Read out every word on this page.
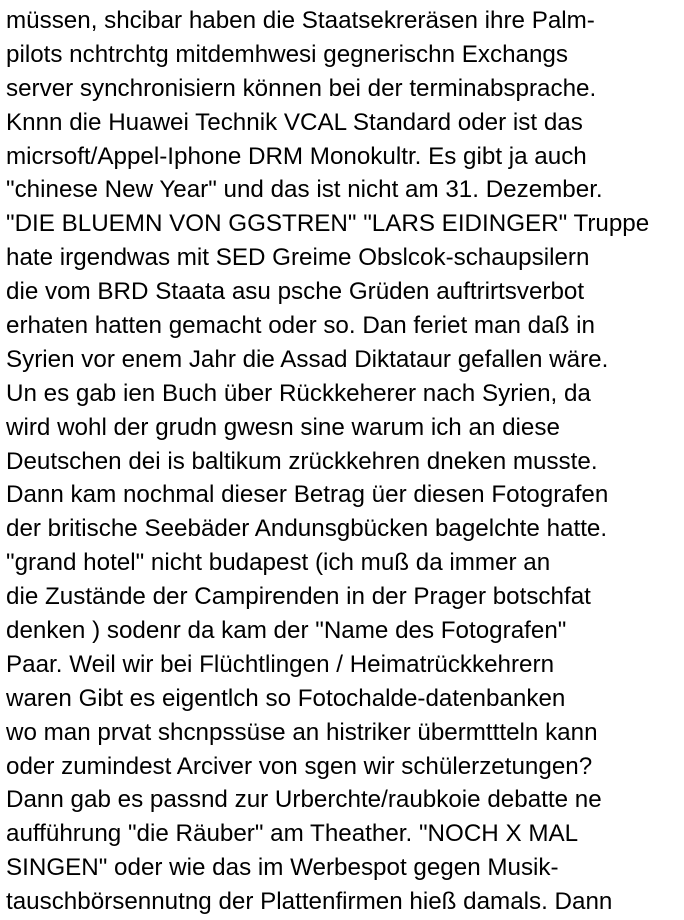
müssen, shcibar haben die Staatsekreräsen ihre Palm-
pilots nchtrchtg mitdemhwesi gegnerischn Exchangs
server synchronisiern können bei der terminabsprache.
Knnn die Huawei Technik VCAL Standard oder ist das
micrsoft/Appel-Iphone DRM Monokultr. Es gibt ja auch
"chinese New Year" und das ist nicht am 31. Dezember.
"DIE BLUEMN VON GGSTREN" "LARS EIDINGER" Truppe
hate irgendwas mit SED Greime Obslcok-schaupsilern
die vom BRD Staata asu psche Grüden auftrirtsverbot
erhaten hatten gemacht oder so. Dan feriet man daß in
Syrien vor enem Jahr die Assad Diktataur gefallen wäre.
Un es gab ien Buch über Rückkeherer nach Syrien, da
wird wohl der grudn gwesn sine warum ich an diese
Deutschen dei is baltikum zrückkehren dneken musste.
Dann kam nochmal dieser Betrag üer diesen Fotografen
der britische Seebäder Andunsgbücken bagelchte hatte.
"grand hotel" nicht budapest (ich muß da immer an
die Zustände der Campirenden in der Prager botschfat
denken ) sodenr da kam der "Name des Fotografen"
Paar. Weil wir bei Flüchtlingen / Heimatrückkehrern
waren Gibt es eigentlch so Fotochalde-datenbanken
wo man prvat shcnpssüse an histriker übermttteln kann
oder zumindest Arciver von sgen wir schülerzetungen?
Dann gab es passnd zur Urberchte/raubkoie debatte ne
aufführung "die Räuber" am Theather. "NOCH X MAL
SINGEN" oder wie das im Werbespot gegen Musik-
tauschbörsennutng der Plattenfirmen hieß damals. Dann
